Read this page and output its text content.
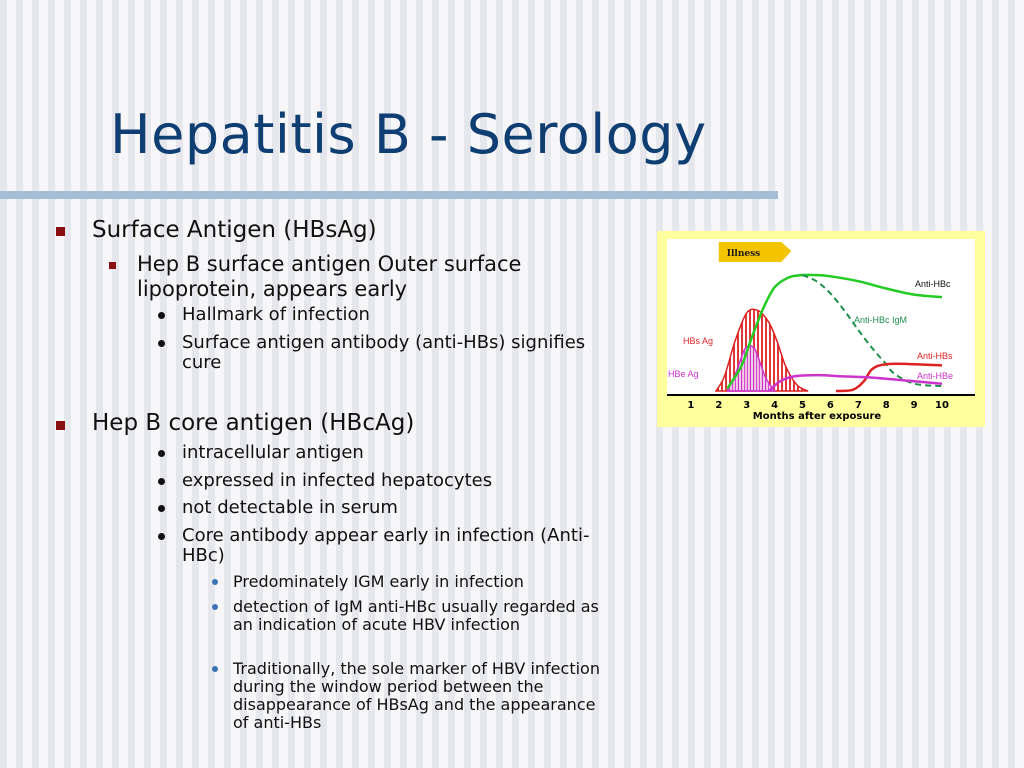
Hepatitis B - Serology
Surface Antigen (HBsAg)
Hep B surface antigen Outer surface lipoprotein, appears early
Hallmark of infection
Surface antigen antibody (anti-HBs) signifies cure
Hep B core antigen (HBcAg)
intracellular antigen
expressed in infected hepatocytes
not detectable in serum
Core antibody appear early in infection (Anti-HBc)
Predominately IGM early in infection
detection of IgM anti-HBc usually regarded as an indication of acute HBV infection
Traditionally, the sole marker of HBV infection during the window period between the disappearance of HBsAg and the appearance of anti-HBs
Illness
HBs Ag
HBe Ag
Anti-HBc
Anti-HBc IgM
Anti-HBs
Anti-HBe
1 2 3 4 5 6 7 8 9 10
Months after exposure
